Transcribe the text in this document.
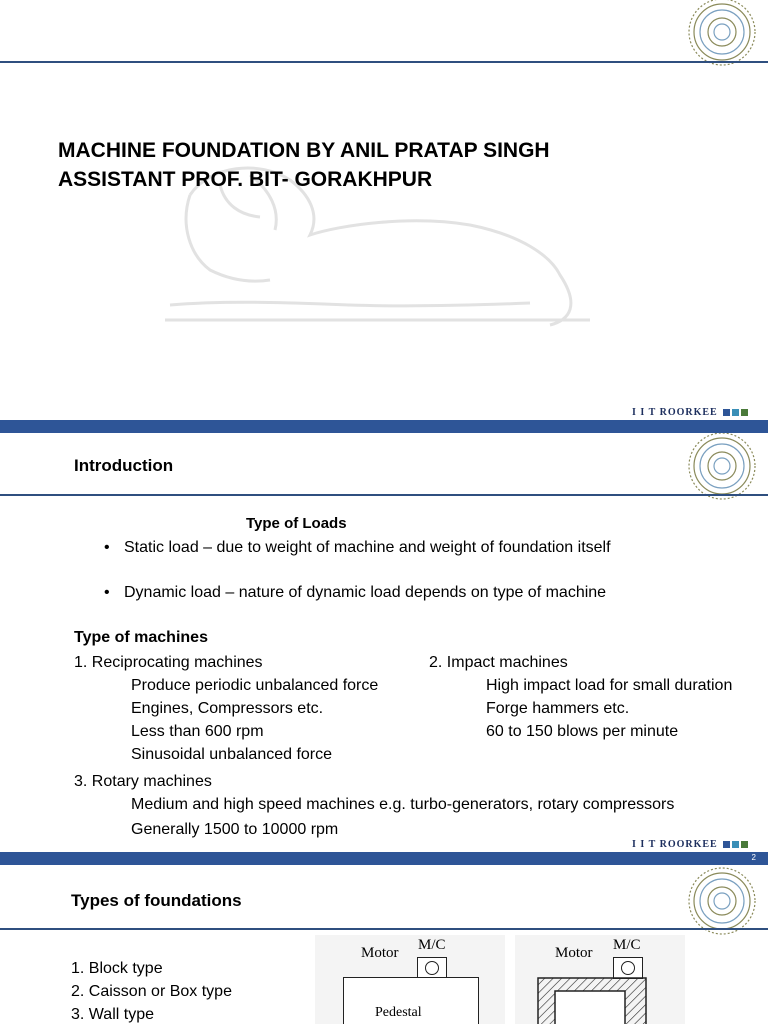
MACHINE FOUNDATION BY ANIL PRATAP SINGH
ASSISTANT PROF. BIT- GORAKHPUR
I I T ROORKEE
Introduction
Type of Loads
• Static load – due to weight of machine and weight of foundation itself
• Dynamic load – nature of dynamic load depends on type of machine
Type of machines
1. Reciprocating machines
Produce periodic unbalanced force
Engines, Compressors etc.
Less than 600 rpm
Sinusoidal unbalanced force
2. Impact machines
High impact load for small duration
Forge hammers etc.
60 to 150 blows per minute
3. Rotary machines
Medium and high speed machines e.g. turbo-generators, rotary compressors
Generally 1500 to 10000 rpm
I I T ROORKEE
2
Types of foundations
1. Block type
2. Caisson or Box type
3. Wall type
Motor M/C
Pedestal
Motor M/C
